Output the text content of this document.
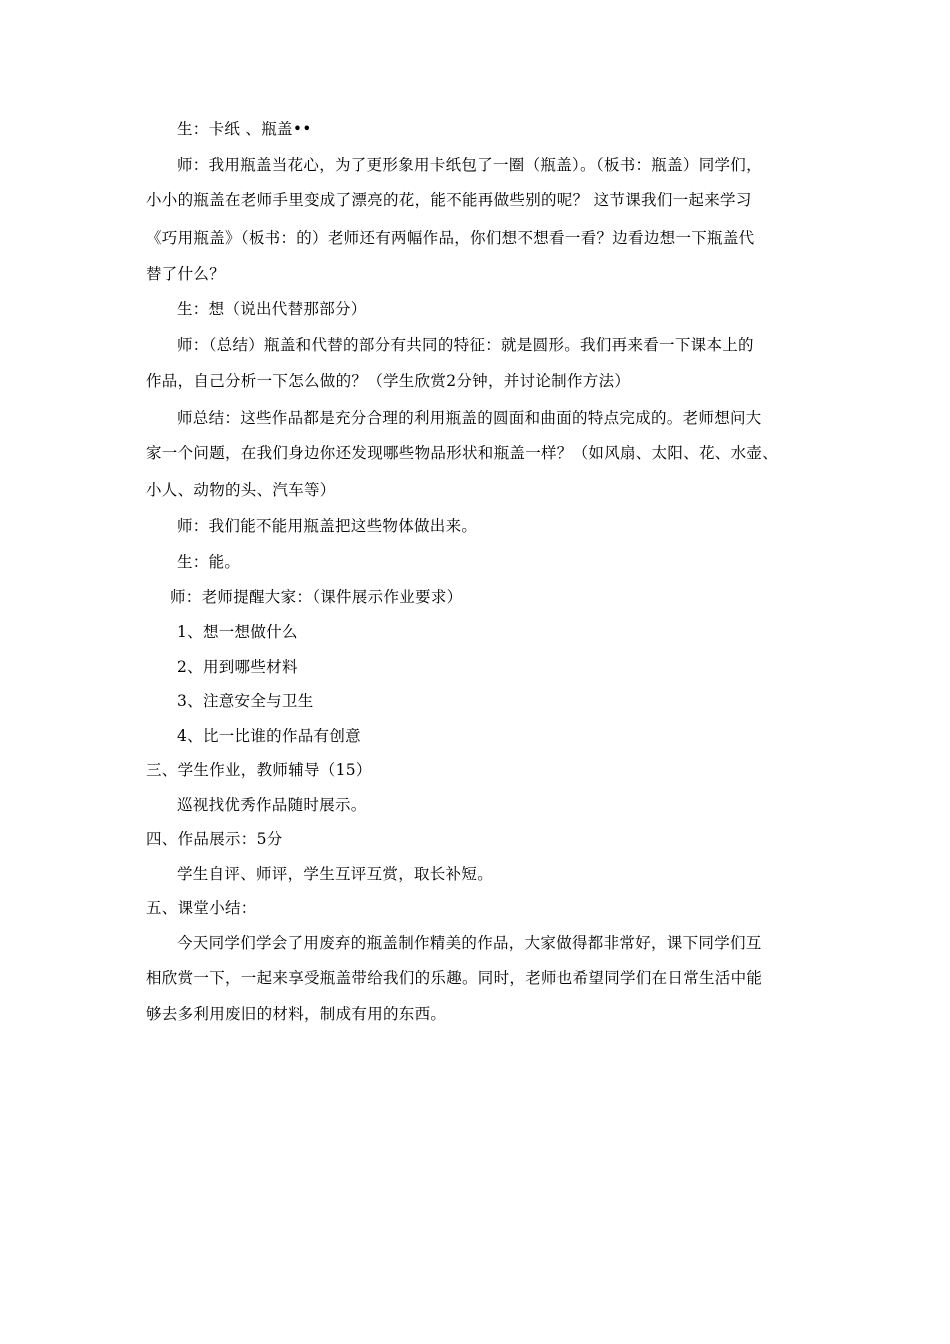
生：卡纸 、瓶盖••
师：我用瓶盖当花心，为了更形象用卡纸包了一圈（瓶盖）。（板书：瓶盖）同学们，
小小的瓶盖在老师手里变成了漂亮的花，能不能再做些别的呢？ 这节课我们一起来学习
《巧用瓶盖》（板书：的）老师还有两幅作品，你们想不想看一看？边看边想一下瓶盖代
替了什么？
生：想（说出代替那部分）
师：（总结）瓶盖和代替的部分有共同的特征：就是圆形。我们再来看一下课本上的
作品，自己分析一下怎么做的？（学生欣赏2分钟，并讨论制作方法）
师总结：这些作品都是充分合理的利用瓶盖的圆面和曲面的特点完成的。老师想问大
家一个问题，在我们身边你还发现哪些物品形状和瓶盖一样？（如风扇、太阳、花、水壶、
小人、动物的头、汽车等）
师：我们能不能用瓶盖把这些物体做出来。
生：能。
师：老师提醒大家：（课件展示作业要求）
1、想一想做什么
2、用到哪些材料
3、注意安全与卫生
4、比一比谁的作品有创意
三、学生作业，教师辅导（15）
巡视找优秀作品随时展示。
四、作品展示：5分
学生自评、师评，学生互评互赏，取长补短。
五、课堂小结：
今天同学们学会了用废弃的瓶盖制作精美的作品，大家做得都非常好，课下同学们互
相欣赏一下，一起来享受瓶盖带给我们的乐趣。同时，老师也希望同学们在日常生活中能
够去多利用废旧的材料，制成有用的东西。
